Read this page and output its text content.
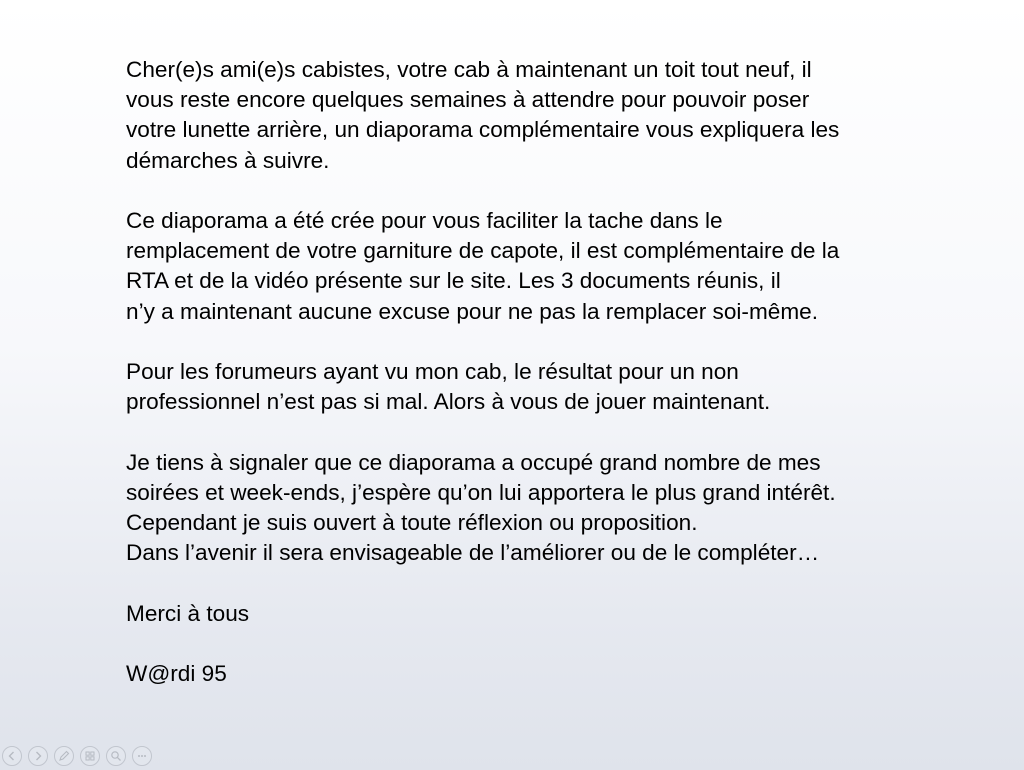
Cher(e)s ami(e)s cabistes, votre cab à maintenant un toit tout neuf, il
vous reste encore quelques semaines à attendre pour pouvoir poser
votre lunette arrière, un diaporama complémentaire vous expliquera les
démarches à suivre.

Ce diaporama a été crée pour vous faciliter la tache dans le
remplacement de votre garniture de capote, il est complémentaire de la
RTA et de la vidéo présente sur le site. Les 3 documents réunis, il
n’y a maintenant aucune excuse pour ne pas la remplacer soi-même.

Pour les forumeurs ayant vu mon cab, le résultat pour un non
professionnel n’est pas si mal. Alors à vous de jouer maintenant.

Je tiens à signaler que ce diaporama a occupé grand nombre de mes
soirées et week-ends, j’espère qu’on lui apportera le plus grand intérêt.
Cependant je suis ouvert à toute réflexion ou proposition.
Dans l’avenir il sera envisageable de l’améliorer ou de le compléter…

Merci à tous

W@rdi 95
